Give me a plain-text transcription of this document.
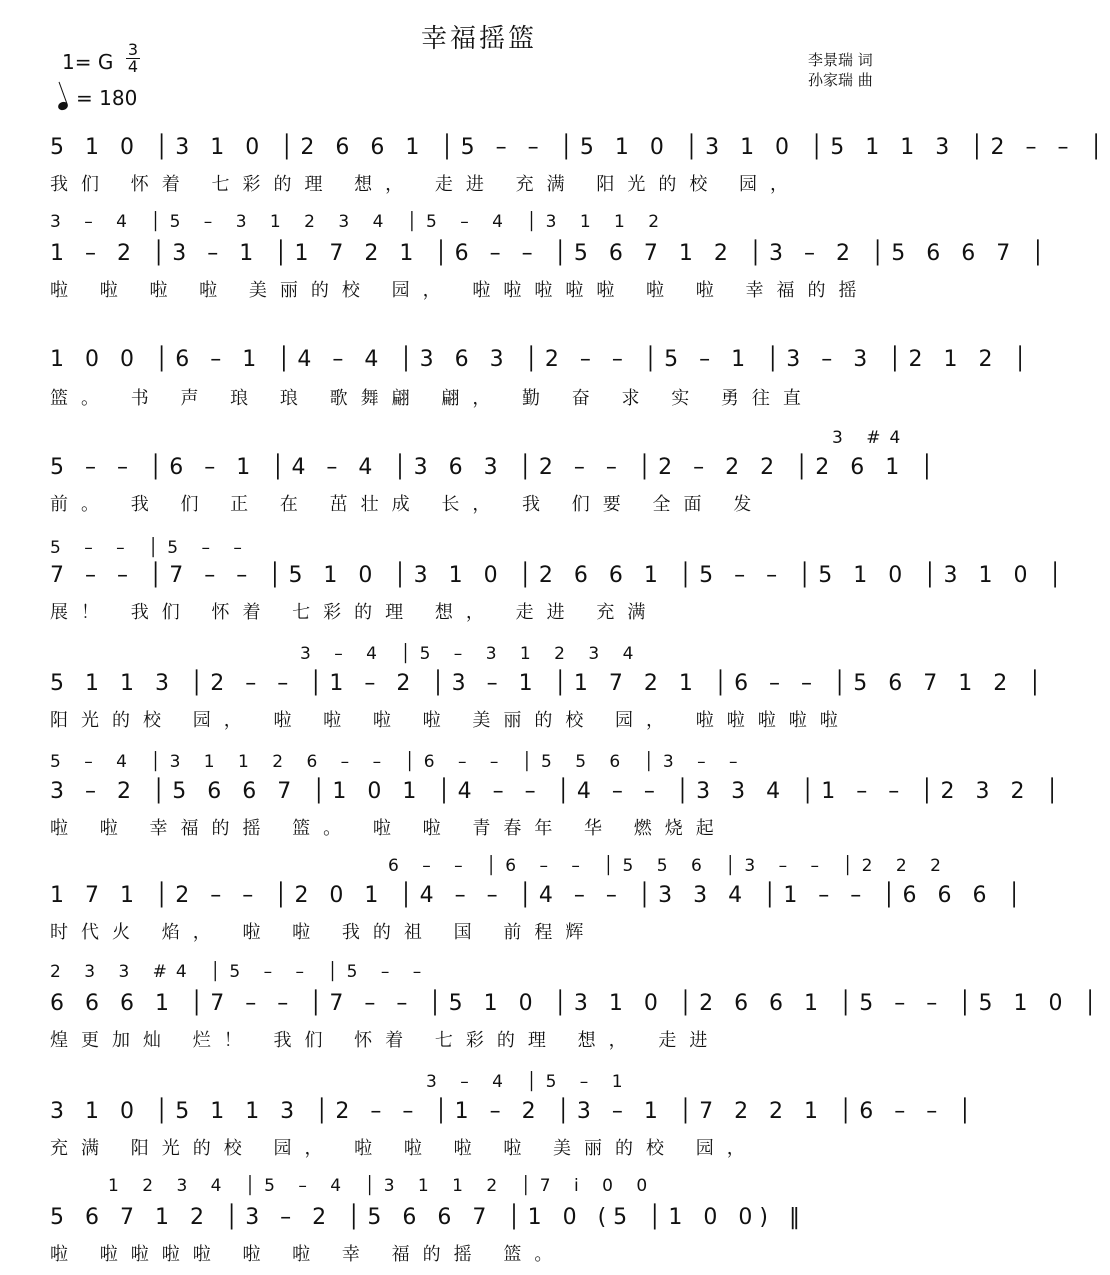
幸福摇篮
李景瑞 词
孙家瑞 曲
1= G
3
4
= 180
5 1 0 │3 1 0 │2 6 6 1 │5 – – │5 1 0 │3 1 0 │5 1 1 3 │2 – – │
我们 怀着 七彩的理 想， 走进 充满 阳光的校 园，
3 – 4 │5 – 3 1 2 3 4 │5 – 4 │3 1 1 2
1 – 2 │3 – 1 │1 7 2 1 │6 – – │5 6 7 1 2 │3 – 2 │5 6 6 7 │
啦 啦 啦 啦 美丽的校 园， 啦啦啦啦啦 啦 啦 幸福的摇
1 0 0 │6 – 1 │4 – 4 │3 6 3 │2 – – │5 – 1 │3 – 3 │2 1 2 │
篮。 书 声 琅 琅 歌舞翩 翩， 勤 奋 求 实 勇往直
3 #4
5 – – │6 – 1 │4 – 4 │3 6 3 │2 – – │2 – 2 2 │2 6 1 │
前。 我 们 正 在 茁壮成 长， 我 们要 全面 发
5 – – │5 – –
7 – – │7 – – │5 1 0 │3 1 0 │2 6 6 1 │5 – – │5 1 0 │3 1 0 │
展！ 我们 怀着 七彩的理 想， 走进 充满
3 – 4 │5 – 3 1 2 3 4
5 1 1 3 │2 – – │1 – 2 │3 – 1 │1 7 2 1 │6 – – │5 6 7 1 2 │
阳光的校 园， 啦 啦 啦 啦 美丽的校 园， 啦啦啦啦啦
5 – 4 │3 1 1 2 6 – – │6 – – │5 5 6 │3 – –
3 – 2 │5 6 6 7 │1 0 1 │4 – – │4 – – │3 3 4 │1 – – │2 3 2 │
啦 啦 幸福的摇 篮。 啦 啦 青春年 华 燃烧起
6 – – │6 – – │5 5 6 │3 – – │2 2 2
1 7 1 │2 – – │2 0 1 │4 – – │4 – – │3 3 4 │1 – – │6 6 6 │
时代火 焰， 啦 啦 我的祖 国 前程辉
2 3 3 #4 │5 – – │5 – –
6 6 6 1 │7 – – │7 – – │5 1 0 │3 1 0 │2 6 6 1 │5 – – │5 1 0 │
煌更加灿 烂！ 我们 怀着 七彩的理 想， 走进
3 – 4 │5 – 1
3 1 0 │5 1 1 3 │2 – – │1 – 2 │3 – 1 │7 2 2 1 │6 – – │
充满 阳光的校 园， 啦 啦 啦 啦 美丽的校 园，
1 2 3 4 │5 – 4 │3 1 1 2 │7 i 0 0
5 6 7 1 2 │3 – 2 │5 6 6 7 │1 0 (5 │1 0 0) ‖
啦 啦啦啦啦 啦 啦 幸 福的摇 篮。
